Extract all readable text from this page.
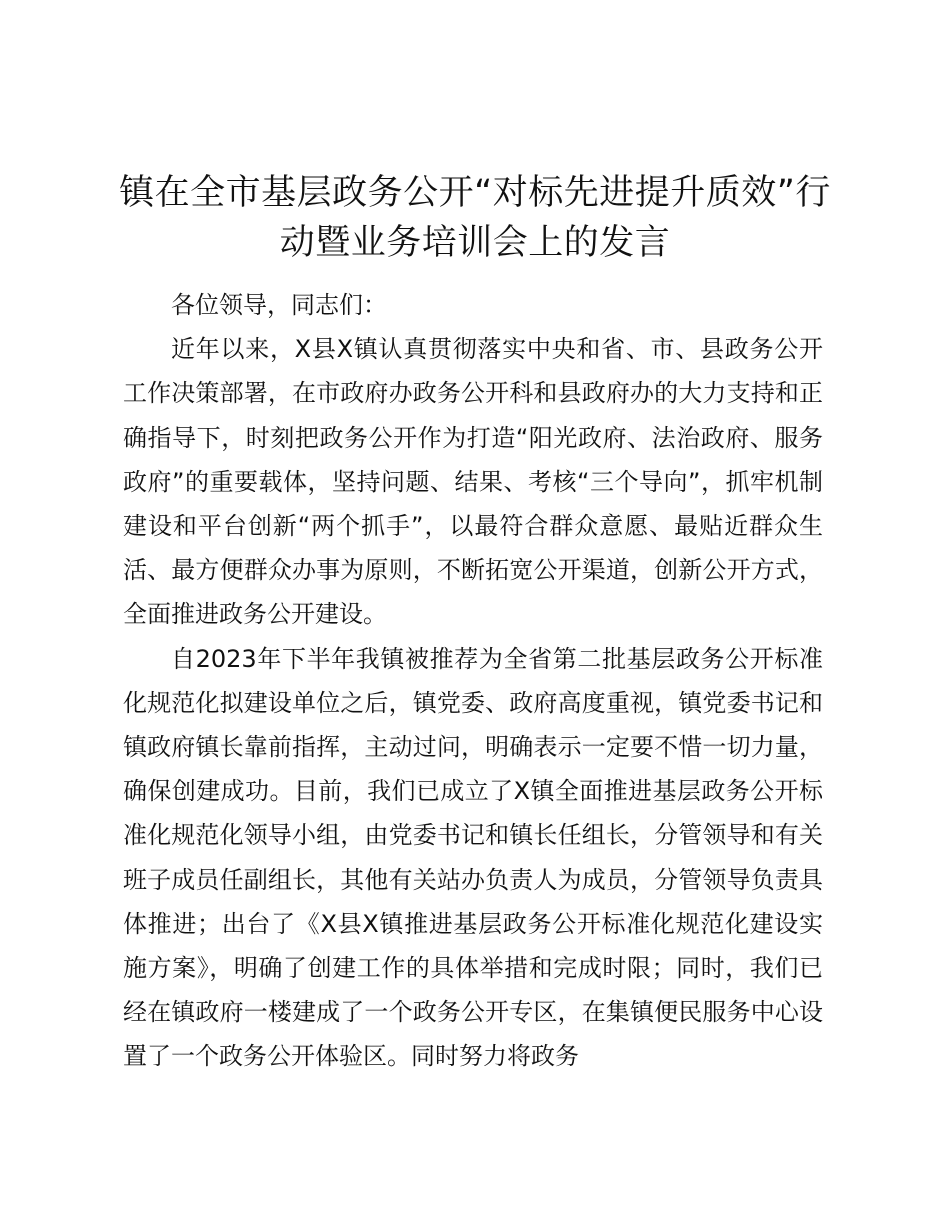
镇在全市基层政务公开“对标先进提升质效”行
动暨业务培训会上的发言

各位领导，同志们：

近年以来，X县X镇认真贯彻落实中央和省、市、县政务公开工作决策部署，在市政府办政务公开科和县政府办的大力支持和正确指导下，时刻把政务公开作为打造“阳光政府、法治政府、服务政府”的重要载体，坚持问题、结果、考核“三个导向”，抓牢机制建设和平台创新“两个抓手”，以最符合群众意愿、最贴近群众生活、最方便群众办事为原则，不断拓宽公开渠道，创新公开方式，全面推进政务公开建设。

自2023年下半年我镇被推荐为全省第二批基层政务公开标准化规范化拟建设单位之后，镇党委、政府高度重视，镇党委书记和镇政府镇长靠前指挥，主动过问，明确表示一定要不惜一切力量，确保创建成功。目前，我们已成立了X镇全面推进基层政务公开标准化规范化领导小组，由党委书记和镇长任组长，分管领导和有关班子成员任副组长，其他有关站办负责人为成员，分管领导负责具体推进；出台了《X县X镇推进基层政务公开标准化规范化建设实施方案》，明确了创建工作的具体举措和完成时限；同时，我们已经在镇政府一楼建成了一个政务公开专区，在集镇便民服务中心设置了一个政务公开体验区。同时努力将政务
